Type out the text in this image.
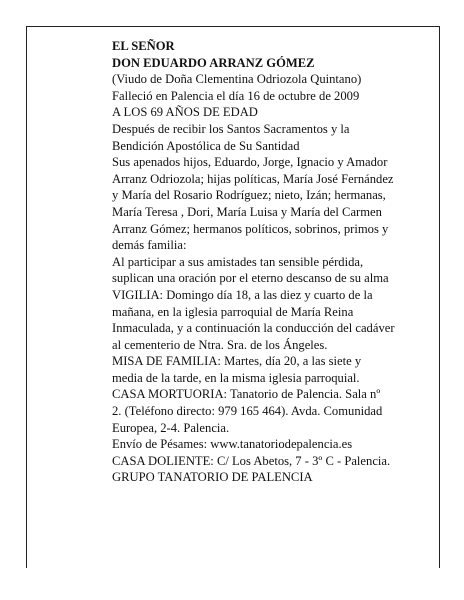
EL SEÑOR
DON EDUARDO ARRANZ GÓMEZ
(Viudo de Doña Clementina Odriozola Quintano)
Falleció en Palencia el día 16 de octubre de 2009
A LOS 69 AÑOS DE EDAD
Después de recibir los Santos Sacramentos y la
Bendición Apostólica de Su Santidad
Sus apenados hijos, Eduardo, Jorge, Ignacio y Amador
Arranz Odriozola; hijas políticas, María José Fernández
y María del Rosario Rodríguez; nieto, Izán; hermanas,
María Teresa , Dori, María Luisa y María del Carmen
Arranz Gómez; hermanos políticos, sobrinos, primos y
demás familia:
Al participar a sus amistades tan sensible pérdida,
suplican una oración por el eterno descanso de su alma
VIGILIA: Domingo día 18, a las diez y cuarto de la
mañana, en la iglesia parroquial de María Reina
Inmaculada, y a continuación la conducción del cadáver
al cementerio de Ntra. Sra. de los Ángeles.
MISA DE FAMILIA: Martes, día 20, a las siete y
media de la tarde, en la misma iglesia parroquial.
CASA MORTUORIA: Tanatorio de Palencia. Sala nº
2. (Teléfono directo: 979 165 464). Avda. Comunidad
Europea, 2-4. Palencia.
Envío de Pésames: www.tanatoriodepalencia.es
CASA DOLIENTE: C/ Los Abetos, 7 - 3º C - Palencia.
GRUPO TANATORIO DE PALENCIA
